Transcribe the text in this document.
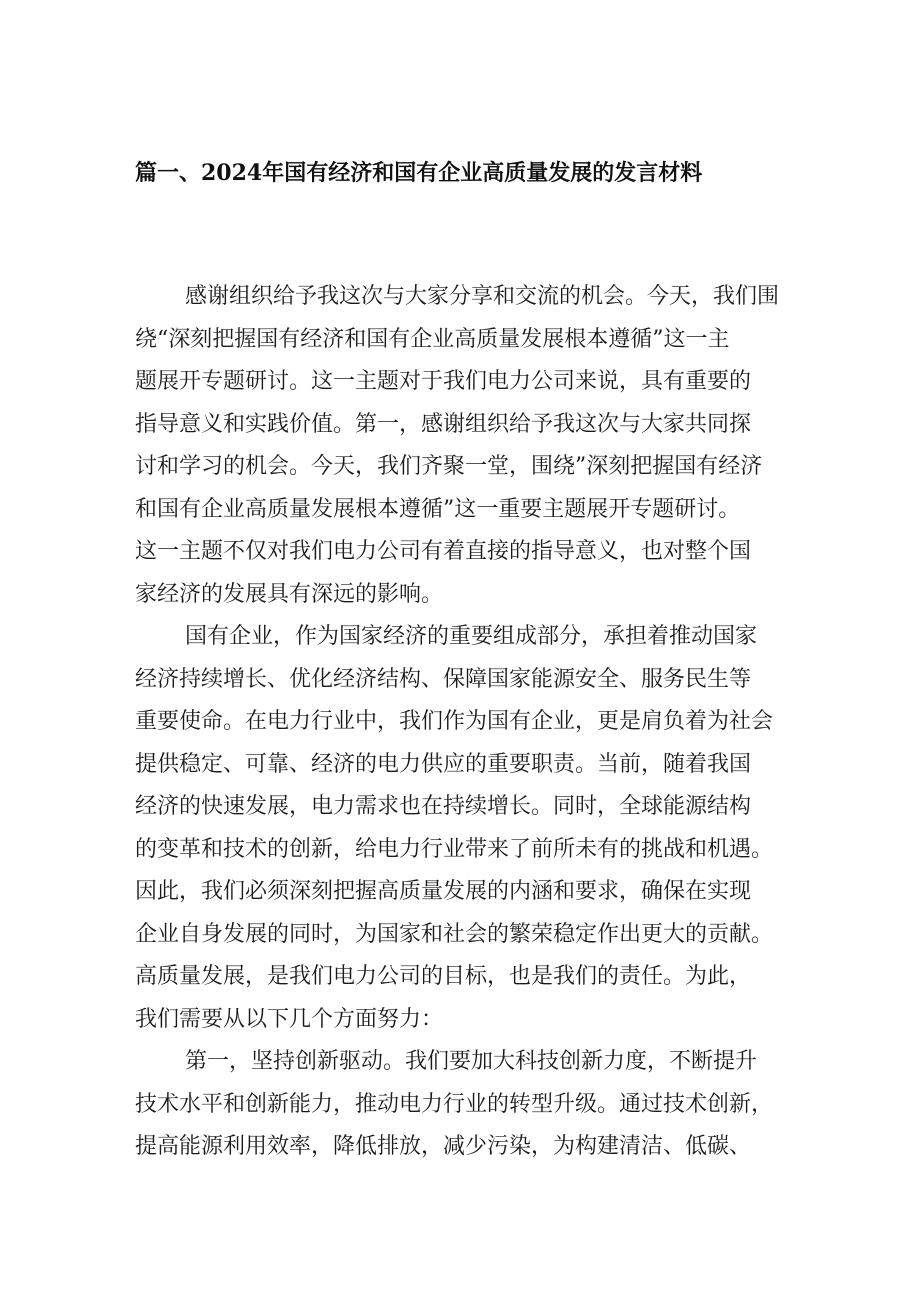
篇一、2024年国有经济和国有企业高质量发展的发言材料
感谢组织给予我这次与大家分享和交流的机会。今天，我们围
绕“深刻把握国有经济和国有企业高质量发展根本遵循”这一主
题展开专题研讨。这一主题对于我们电力公司来说，具有重要的
指导意义和实践价值。第一，感谢组织给予我这次与大家共同探
讨和学习的机会。今天，我们齐聚一堂，围绕”深刻把握国有经济
和国有企业高质量发展根本遵循”这一重要主题展开专题研讨。
这一主题不仅对我们电力公司有着直接的指导意义，也对整个国
家经济的发展具有深远的影响。
国有企业，作为国家经济的重要组成部分，承担着推动国家
经济持续增长、优化经济结构、保障国家能源安全、服务民生等
重要使命。在电力行业中，我们作为国有企业，更是肩负着为社会
提供稳定、可靠、经济的电力供应的重要职责。当前，随着我国
经济的快速发展，电力需求也在持续增长。同时，全球能源结构
的变革和技术的创新，给电力行业带来了前所未有的挑战和机遇。
因此，我们必须深刻把握高质量发展的内涵和要求，确保在实现
企业自身发展的同时，为国家和社会的繁荣稳定作出更大的贡献。
高质量发展，是我们电力公司的目标，也是我们的责任。为此，
我们需要从以下几个方面努力：
第一，坚持创新驱动。我们要加大科技创新力度，不断提升
技术水平和创新能力，推动电力行业的转型升级。通过技术创新，
提高能源利用效率，降低排放，减少污染，为构建清洁、低碳、
